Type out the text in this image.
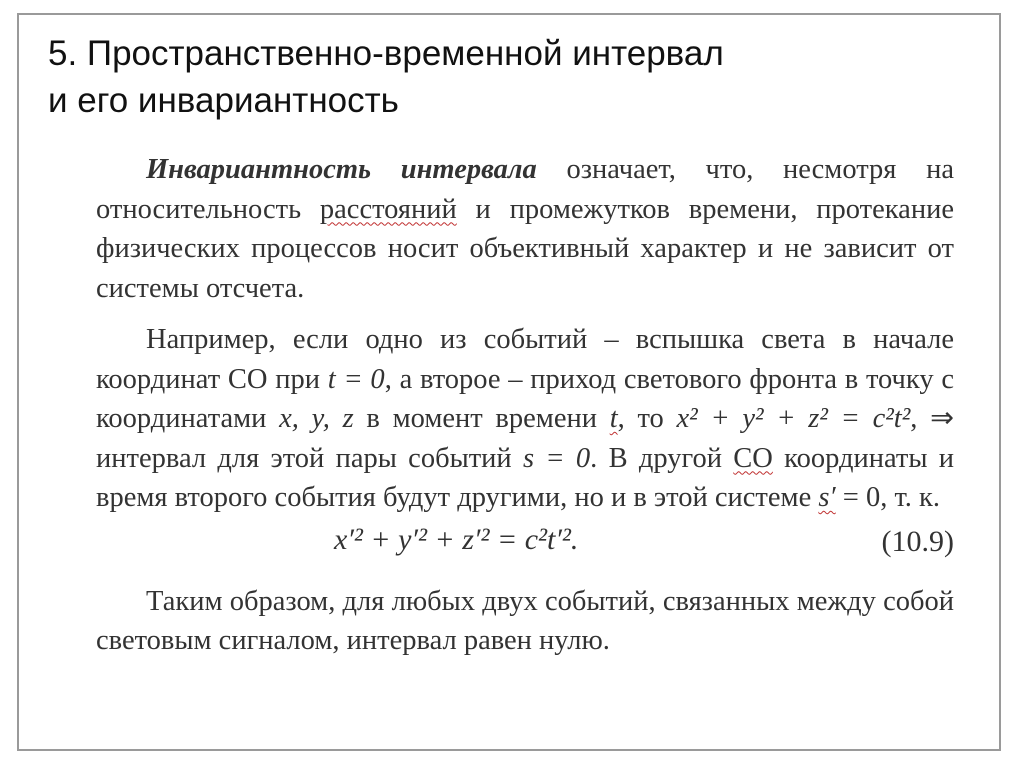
5. Пространственно-временной интервал
и его инвариантность

Инвариантность интервала означает, что, несмотря на относительность расстояний и промежутков времени, протекание физических процессов носит объективный характер и не зависит от системы отсчета.

Например, если одно из событий – вспышка света в начале координат СО при t = 0, а второе – приход светового фронта в точку с координатами x, y, z в момент времени t, то x² + y² + z² = c²t², ⇒ интервал для этой пары событий s = 0. В другой СО координаты и время второго события будут другими, но и в этой системе s′ = 0, т. к.

x′² + y′² + z′² = c²t′².	(10.9)

Таким образом, для любых двух событий, связанных между собой световым сигналом, интервал равен нулю.
